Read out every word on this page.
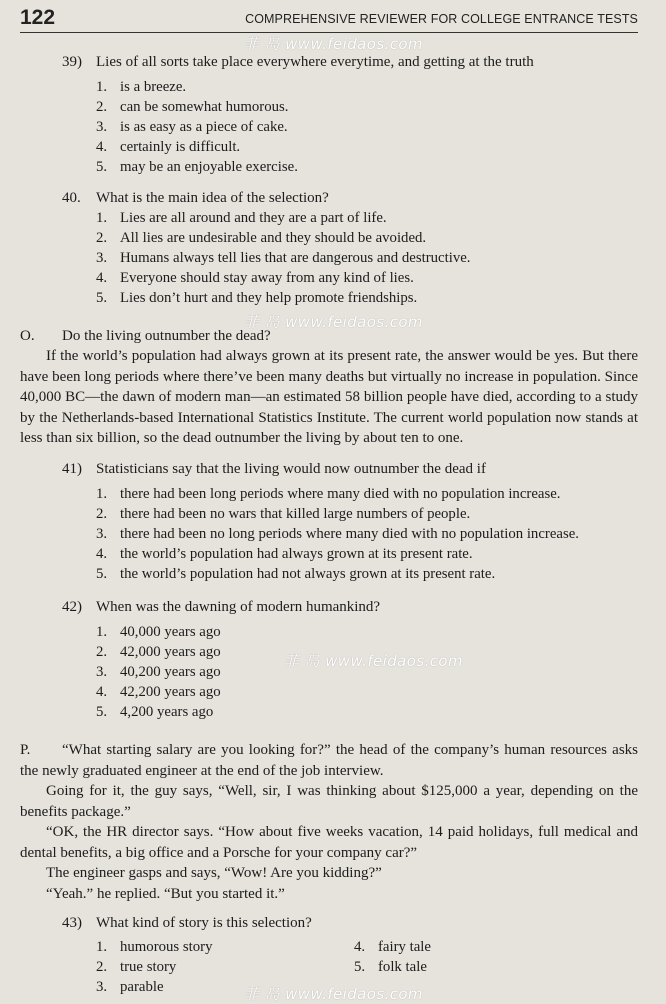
122	COMPREHENSIVE REVIEWER FOR COLLEGE ENTRANCE TESTS
菲 岛 www.feidaos.com
菲 岛 www.feidaos.com
菲 岛 www.feidaos.com
菲 岛 www.feidaos.com
39) Lies of all sorts take place everywhere everytime, and getting at the truth
1. is a breeze.
2. can be somewhat humorous.
3. is as easy as a piece of cake.
4. certainly is difficult.
5. may be an enjoyable exercise.
40. What is the main idea of the selection?
1. Lies are all around and they are a part of life.
2. All lies are undesirable and they should be avoided.
3. Humans always tell lies that are dangerous and destructive.
4. Everyone should stay away from any kind of lies.
5. Lies don’t hurt and they help promote friendships.
O. Do the living outnumber the dead?

If the world’s population had always grown at its present rate, the answer would be yes. But there have been long periods where there’ve been many deaths but virtually no increase in population. Since 40,000 BC—the dawn of modern man—an estimated 58 billion people have died, according to a study by the Netherlands-based International Statistics Institute. The current world population now stands at less than six billion, so the dead outnumber the living by about ten to one.

41) Statisticians say that the living would now outnumber the dead if
1. there had been long periods where many died with no population increase.
2. there had been no wars that killed large numbers of people.
3. there had been no long periods where many died with no population increase.
4. the world’s population had always grown at its present rate.
5. the world’s population had not always grown at its present rate.
42) When was the dawning of modern humankind?
1. 40,000 years ago
2. 42,000 years ago
3. 40,200 years ago
4. 42,200 years ago
5. 4,200 years ago

P. “What starting salary are you looking for?” the head of the company’s human resources asks the newly graduated engineer at the end of the job interview.

Going for it, the guy says, “Well, sir, I was thinking about $125,000 a year, depending on the benefits package.”

“OK, the HR director says. “How about five weeks vacation, 14 paid holidays, full medical and dental benefits, a big office and a Porsche for your company car?”

The engineer gasps and says, “Wow! Are you kidding?”

“Yeah.” he replied. “But you started it.”

43) What kind of story is this selection?
1. humorous story
2. true story
3. parable
4. fairy tale
5. folk tale
